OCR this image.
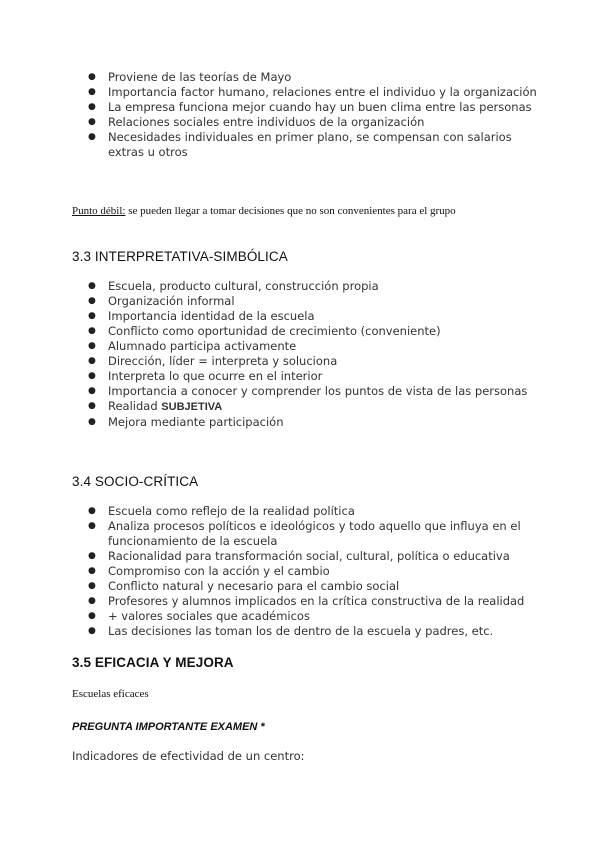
●	Proviene de las teorías de Mayo
●	Importancia factor humano, relaciones entre el individuo y la organización
●	La empresa funciona mejor cuando hay un buen clima entre las personas
●	Relaciones sociales entre individuos de la organización
●	Necesidades individuales en primer plano, se compensan con salarios extras u otros
Punto débil: se pueden llegar a tomar decisiones que no son convenientes para el grupo
3.3 INTERPRETATIVA-SIMBÓLICA
●	Escuela, producto cultural, construcción propia
●	Organización informal
●	Importancia identidad de la escuela
●	Conflicto como oportunidad de crecimiento (conveniente)
●	Alumnado participa activamente
●	Dirección, líder = interpreta y soluciona
●	Interpreta lo que ocurre en el interior
●	Importancia a conocer y comprender los puntos de vista de las personas
●	Realidad SUBJETIVA
●	Mejora mediante participación
3.4 SOCIO-CRÍTICA
●	Escuela como reflejo de la realidad política
●	Analiza procesos políticos e ideológicos y todo aquello que influya en el funcionamiento de la escuela
●	Racionalidad para transformación social, cultural, política o educativa
●	Compromiso con la acción y el cambio
●	Conflicto natural y necesario para el cambio social
●	Profesores y alumnos implicados en la crítica constructiva de la realidad
●	+ valores sociales que académicos
●	Las decisiones las toman los de dentro de la escuela y padres, etc.
3.5 EFICACIA Y MEJORA
Escuelas eficaces
PREGUNTA IMPORTANTE EXAMEN *
Indicadores de efectividad de un centro:
